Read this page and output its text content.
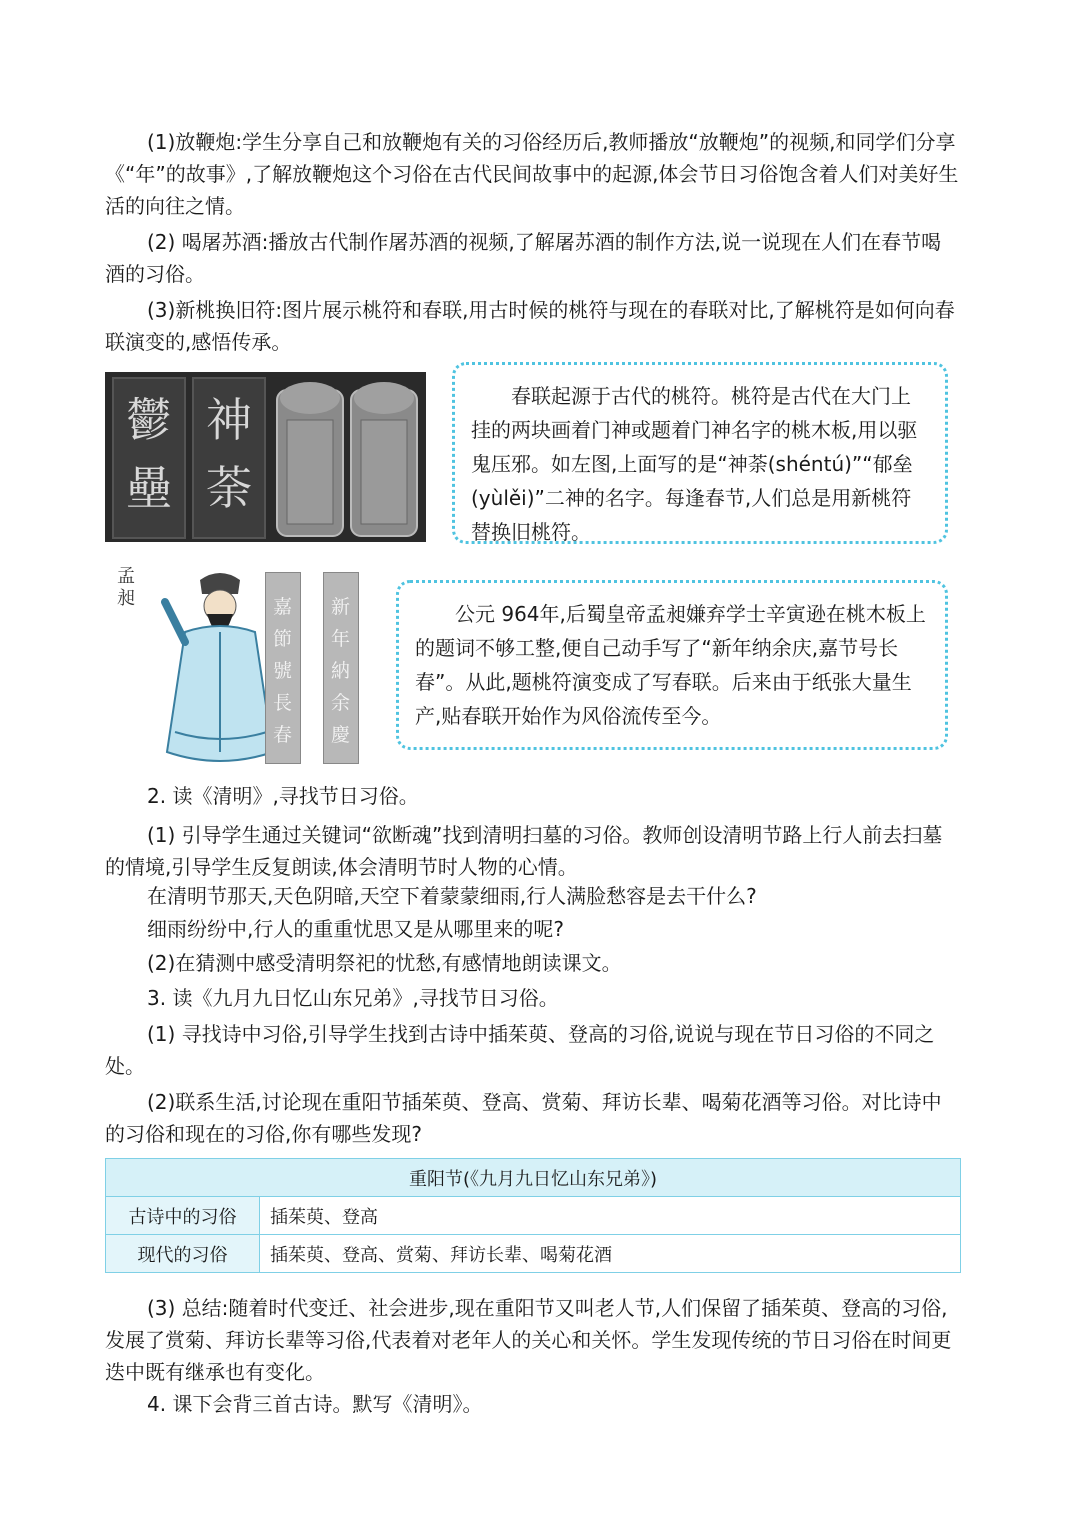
(1)放鞭炮:学生分享自己和放鞭炮有关的习俗经历后,教师播放“放鞭炮”的视频,和同学们分享《“年”的故事》,了解放鞭炮这个习俗在古代民间故事中的起源,体会节日习俗饱含着人们对美好生活的向往之情。

(2) 喝屠苏酒:播放古代制作屠苏酒的视频,了解屠苏酒的制作方法,说一说现在人们在春节喝酒的习俗。

(3)新桃换旧符:图片展示桃符和春联,用古时候的桃符与现在的春联对比,了解桃符是如何向春联演变的,感悟传承。

鬱壘
神荼

春联起源于古代的桃符。桃符是古代在大门上挂的两块画着门神或题着门神名字的桃木板,用以驱鬼压邪。如左图,上面写的是“神荼(shéntú)”“郁垒(yùlěi)”二神的名字。每逢春节,人们总是用新桃符替换旧桃符。

孟昶	嘉節號長春
新年納余慶

公元 964年,后蜀皇帝孟昶嫌弃学士辛寅逊在桃木板上的题词不够工整,便自己动手写了“新年纳余庆,嘉节号长春”。从此,题桃符演变成了写春联。后来由于纸张大量生产,贴春联开始作为风俗流传至今。

2. 读《清明》,寻找节日习俗。

(1) 引导学生通过关键词“欲断魂”找到清明扫墓的习俗。教师创设清明节路上行人前去扫墓的情境,引导学生反复朗读,体会清明节时人物的心情。

在清明节那天,天色阴暗,天空下着蒙蒙细雨,行人满脸愁容是去干什么?

细雨纷纷中,行人的重重忧思又是从哪里来的呢?

(2)在猜测中感受清明祭祀的忧愁,有感情地朗读课文。

3. 读《九月九日忆山东兄弟》,寻找节日习俗。

(1) 寻找诗中习俗,引导学生找到古诗中插茱萸、登高的习俗,说说与现在节日习俗的不同之处。

(2)联系生活,讨论现在重阳节插茱萸、登高、赏菊、拜访长辈、喝菊花酒等习俗。对比诗中的习俗和现在的习俗,你有哪些发现?

重阳节(《九月九日忆山东兄弟》)	
古诗中的习俗	插茱萸、登高
现代的习俗	插茱萸、登高、赏菊、拜访长辈、喝菊花酒

(3) 总结:随着时代变迁、社会进步,现在重阳节又叫老人节,人们保留了插茱萸、登高的习俗,发展了赏菊、拜访长辈等习俗,代表着对老年人的关心和关怀。学生发现传统的节日习俗在时间更迭中既有继承也有变化。

4. 课下会背三首古诗。默写《清明》。
